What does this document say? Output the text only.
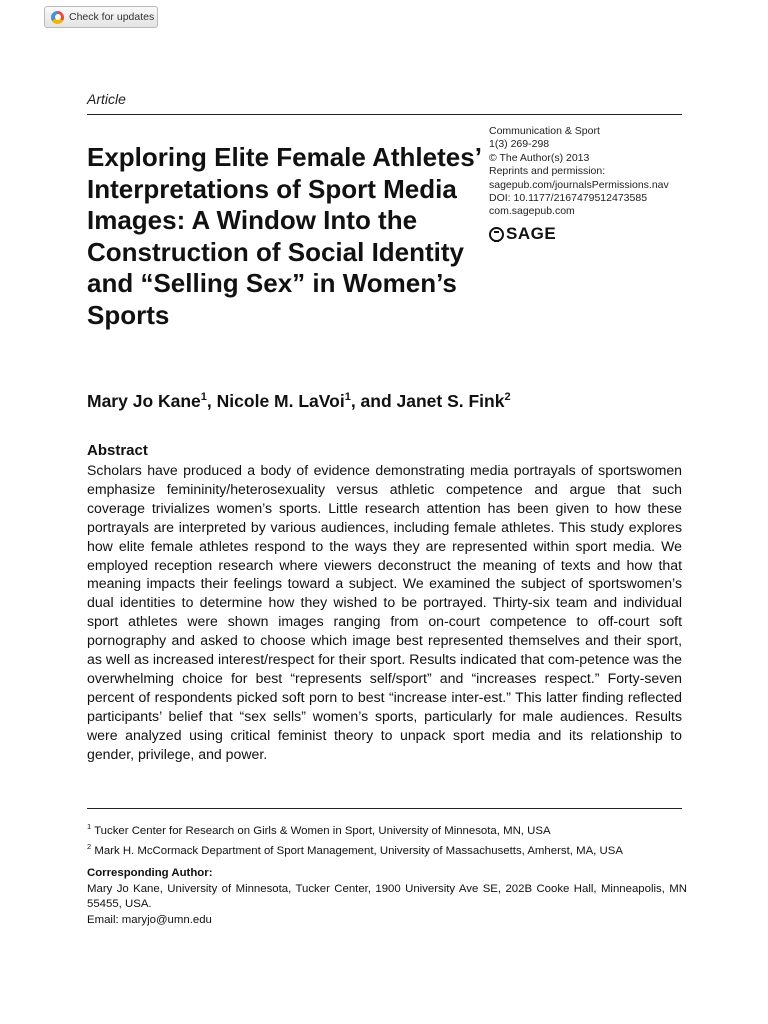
Check for updates
Article
Exploring Elite Female Athletes’ Interpretations of Sport Media Images: A Window Into the Construction of Social Identity and “Selling Sex” in Women’s Sports
Communication & Sport
1(3) 269-298
© The Author(s) 2013
Reprints and permission:
sagepub.com/journalsPermissions.nav
DOI: 10.1177/2167479512473585
com.sagepub.com
SAGE
Mary Jo Kane$^1$, Nicole M. LaVoi$^1$, and Janet S. Fink$^2$
Abstract

Scholars have produced a body of evidence demonstrating media portrayals of sportswomen emphasize femininity/heterosexuality versus athletic competence and argue that such coverage trivializes women’s sports. Little research attention has been given to how these portrayals are interpreted by various audiences, including female athletes. This study explores how elite female athletes respond to the ways they are represented within sport media. We employed reception research where viewers deconstruct the meaning of texts and how that meaning impacts their feelings toward a subject. We examined the subject of sportswomen’s dual identities to determine how they wished to be portrayed. Thirty-six team and individual sport athletes were shown images ranging from on-court competence to off-court soft pornography and asked to choose which image best represented themselves and their sport, as well as increased interest/respect for their sport. Results indicated that com-petence was the overwhelming choice for best “represents self/sport” and “increases respect.” Forty-seven percent of respondents picked soft porn to best “increase inter-est.” This latter finding reflected participants’ belief that “sex sells” women’s sports, particularly for male audiences. Results were analyzed using critical feminist theory to unpack sport media and its relationship to gender, privilege, and power.

$^1$ Tucker Center for Research on Girls & Women in Sport, University of Minnesota, MN, USA
$^2$ Mark H. McCormack Department of Sport Management, University of Massachusetts, Amherst, MA, USA
Corresponding Author:
Mary Jo Kane, University of Minnesota, Tucker Center, 1900 University Ave SE, 202B Cooke Hall, Minneapolis, MN 55455, USA.
Email: maryjo@umn.edu
